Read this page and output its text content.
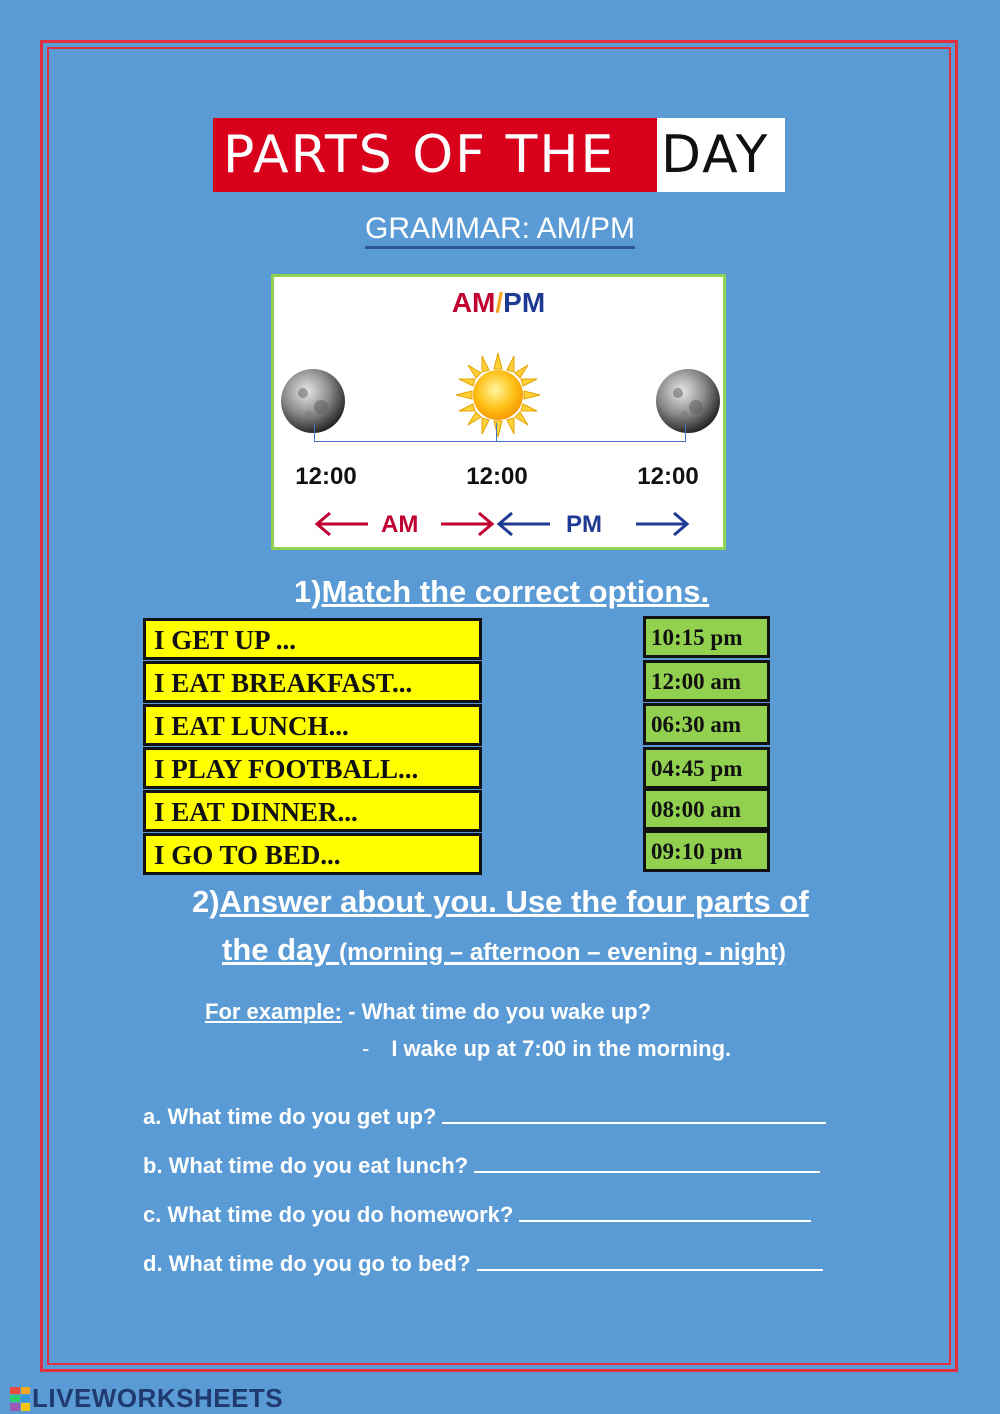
PARTS OF THE DAY
GRAMMAR: AM/PM
AM/PM
12:00	12:00	12:00
AM	PM
1)Match the correct options.
I GET UP ...
I EAT BREAKFAST...
I EAT LUNCH...
I PLAY FOOTBALL...
I EAT DINNER...
I GO TO BED...
10:15 pm
12:00 am
06:30 am
04:45 pm
08:00 am
09:10 pm
2)Answer about you. Use the four parts of
the day (morning – afternoon – evening - night)
For example: - What time do you wake up?
- I wake up at 7:00 in the morning.
a. What time do you get up?
b. What time do you eat lunch?
c. What time do you do homework?
d. What time do you go to bed?
LIVEWORKSHEETS
